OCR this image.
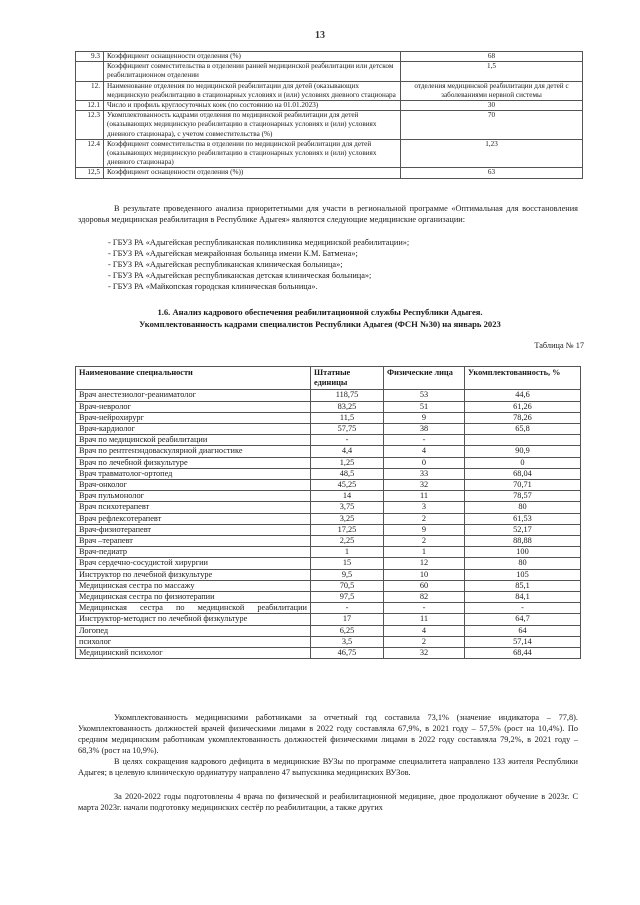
13
9.3	Коэффициент оснащенности отделения (%)	68
	Коэффициент совместительства в отделении ранней медицинской реабилитации или детском реабилитационном отделении	1,5
12.	Наименование отделения по медицинской реабилитации для детей (оказывающих медицинскую реабилитацию в стационарных условиях и (или) условиях дневного стационара	отделения медицинской реабилитации для детей с заболеваниями нервной системы
12.1	Число и профиль круглосуточных коек (по состоянию на 01.01.2023)	30
12.3	Укомплектованность кадрами отделения по медицинской реабилитации для детей (оказывающих медицинскую реабилитацию в стационарных условиях и (или) условиях дневного стационара), с учетом совместительства (%)	70
12.4	Коэффициент совместительства в отделении по медицинской реабилитации для детей (оказывающих медицинскую реабилитацию в стационарных условиях и (или) условиях дневного стационара)	1,23
12,5	Коэффициент оснащенности отделения (%))	63
В результате проведенного анализа приоритетными для участи в региональной программе «Оптимальная для восстановления здоровья медицинская реабилитация в Республике Адыгея» являются следующие медицинские организации:
- ГБУЗ РА «Адыгейская республиканская поликлиника медицинской реабилитации»;
- ГБУЗ РА «Адыгейская межрайонная больница имени К.М. Батмена»;
- ГБУЗ РА «Адыгейская республиканская клиническая больница»;
- ГБУЗ РА «Адыгейская республиканская детская клиническая больница»;
- ГБУЗ РА «Майкопская городская клиническая больница».
1.6. Анализ кадрового обеспечения реабилитационной службы Республики Адыгея.
Укомплектованность кадрами специалистов Республики Адыгея (ФСН №30) на январь 2023
Таблица № 17
Наименование специальности	Штатные единицы	Физические лица	Укомплектованность, %
Врач анестезиолог-реаниматолог	118,75	53	44,6
Врач-невролог	83,25	51	61,26
Врач-нейрохирург	11,5	9	78,26
Врач-кардиолог	57,75	38	65,8
Врач по медицинской реабилитации	-	-	
Врач по рентгенэндоваскулярной диагностике	4,4	4	90,9
Врач по лечебной физкультуре	1,25	0	0
Врач травматолог-ортопед	48,5	33	68,04
Врач-онколог	45,25	32	70,71
Врач пульмонолог	14	11	78,57
Врач психотерапевт	3,75	3	80
Врач рефлексотерапевт	3,25	2	61,53
Врач-физиотерапевт	17,25	9	52,17
Врач –терапевт	2,25	2	88,88
Врач-педиатр	1	1	100
Врач сердечно-сосудистой хирургии	15	12	80
Инструктор по лечебной физкультуре	9,5	10	105
Медицинская сестра по массажу	70,5	60	85,1
Медицинская сестра по физиотерапии	97,5	82	84,1
Медицинская сестра по медицинской реабилитации	-	-	-
Инструктор-методист по лечебной физкультуре	17	11	64,7
Логопед	6,25	4	64
психолог	3,5	2	57,14
Медицинский психолог	46,75	32	68,44
Укомплектованность медицинскими работниками за отчетный год составила 73,1% (значение индикатора – 77,8). Укомплектованность должностей врачей физическими лицами в 2022 году составляла 67,9%, в 2021 году – 57,5% (рост на 10,4%). По средним медицинским работникам укомплектованность должностей физическими лицами в 2022 году составляла 79,2%, в 2021 году – 68,3% (рост на 10,9%).
В целях сокращения кадрового дефицита в медицинские ВУЗы по программе специалитета направлено 133 жителя Республики Адыгея; в целевую клиническую ординатуру направлено 47 выпускника медицинских ВУЗов.
За 2020-2022 годы подготовлены 4 врача по физической и реабилитационной медицине, двое продолжают обучение в 2023г. С марта 2023г. начали подготовку медицинских сестёр по реабилитации, а также других
